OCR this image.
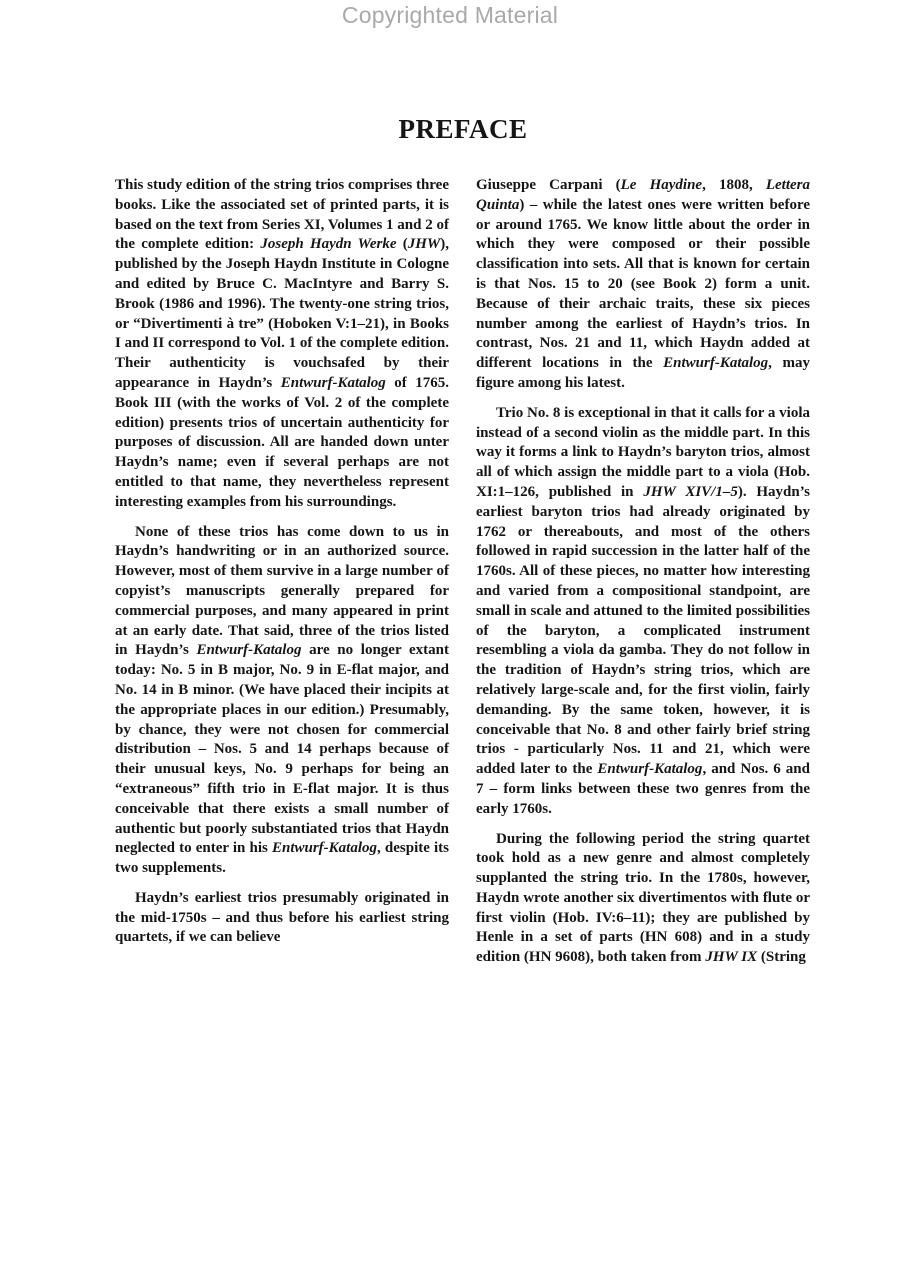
Copyrighted Material
PREFACE

This study edition of the string trios comprises three books. Like the associated set of printed parts, it is based on the text from Series XI, Volumes 1 and 2 of the complete edition: Joseph Haydn Werke (JHW), published by the Joseph Haydn Institute in Cologne and edited by Bruce C. MacIntyre and Barry S. Brook (1986 and 1996). The twenty-one string trios, or “Divertimenti à tre” (Hoboken V:1–21), in Books I and II correspond to Vol. 1 of the complete edition. Their authenticity is vouchsafed by their appearance in Haydn’s Entwurf-Katalog of 1765. Book III (with the works of Vol. 2 of the complete edition) presents trios of uncertain authenticity for purposes of discussion. All are handed down unter Haydn’s name; even if several perhaps are not entitled to that name, they nevertheless represent interesting examples from his surroundings.

None of these trios has come down to us in Haydn’s handwriting or in an authorized source. However, most of them survive in a large number of copyist’s manuscripts generally prepared for commercial purposes, and many appeared in print at an early date. That said, three of the trios listed in Haydn’s Entwurf-Katalog are no longer extant today: No. 5 in B major, No. 9 in E-flat major, and No. 14 in B minor. (We have placed their incipits at the appropriate places in our edition.) Presumably, by chance, they were not chosen for commercial distribution – Nos. 5 and 14 perhaps because of their unusual keys, No. 9 perhaps for being an “extraneous” fifth trio in E-flat major. It is thus conceivable that there exists a small number of authentic but poorly substantiated trios that Haydn neglected to enter in his Entwurf-Katalog, despite its two supplements.

Haydn’s earliest trios presumably originated in the mid-1750s – and thus before his earliest string quartets, if we can believe

Giuseppe Carpani (Le Haydine, 1808, Lettera Quinta) – while the latest ones were written before or around 1765. We know little about the order in which they were composed or their possible classification into sets. All that is known for certain is that Nos. 15 to 20 (see Book 2) form a unit. Because of their archaic traits, these six pieces number among the earliest of Haydn’s trios. In contrast, Nos. 21 and 11, which Haydn added at different locations in the Entwurf-Katalog, may figure among his latest.

Trio No. 8 is exceptional in that it calls for a viola instead of a second violin as the middle part. In this way it forms a link to Haydn’s baryton trios, almost all of which assign the middle part to a viola (Hob. XI:1–126, published in JHW XIV/1–5). Haydn’s earliest baryton trios had already originated by 1762 or thereabouts, and most of the others followed in rapid succession in the latter half of the 1760s. All of these pieces, no matter how interesting and varied from a compositional standpoint, are small in scale and attuned to the limited possibilities of the baryton, a complicated instrument resembling a viola da gamba. They do not follow in the tradition of Haydn’s string trios, which are relatively large-scale and, for the first violin, fairly demanding. By the same token, however, it is conceivable that No. 8 and other fairly brief string trios - particularly Nos. 11 and 21, which were added later to the Entwurf-Katalog, and Nos. 6 and 7 – form links between these two genres from the early 1760s.

During the following period the string quartet took hold as a new genre and almost completely supplanted the string trio. In the 1780s, however, Haydn wrote another six divertimentos with flute or first violin (Hob. IV:6–11); they are published by Henle in a set of parts (HN 608) and in a study edition (HN 9608), both taken from JHW IX (String
